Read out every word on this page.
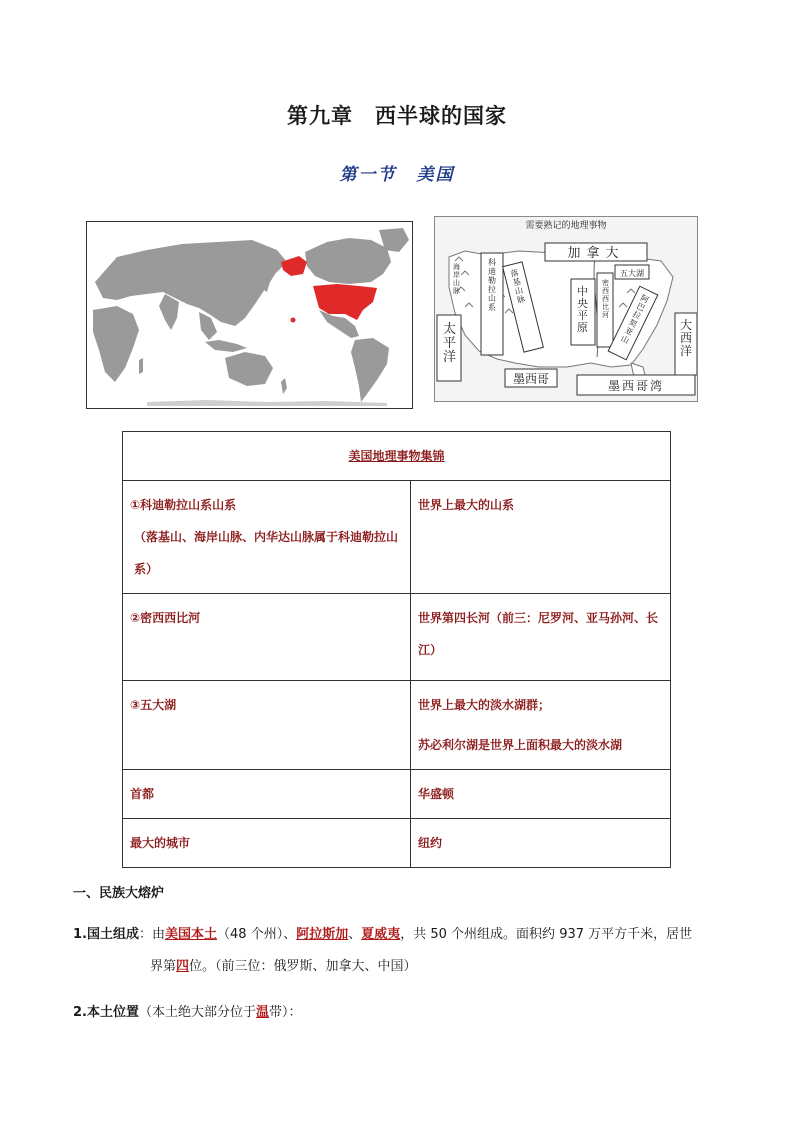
第九章 西半球的国家
第一节 美国
需要熟记的地理事物
加拿大
五大湖
墨西哥	墨西哥湾
太平洋
大西洋
中央平原
密西西比河
科迪勒拉山系
落基山脉	阿巴拉契亚山
海岸山脉
美国地理事物集锦	
①科迪勒拉山系山系
（落基山、海岸山脉、内华达山脉属于科迪勒拉山系）	世界上最大的山系
②密西西比河	世界第四长河（前三：尼罗河、亚马孙河、长江）
③五大湖	世界上最大的淡水湖群；
苏必利尔湖是世界上面积最大的淡水湖

首都	华盛顿
最大的城市	纽约
一、民族大熔炉
1.国土组成：由美国本土（48 个州）、阿拉斯加、夏威夷，共 50 个州组成。面积约 937 万平方千米，居世
界第四位。（前三位：俄罗斯、加拿大、中国）
2.本土位置（本土绝大部分位于温带）：
